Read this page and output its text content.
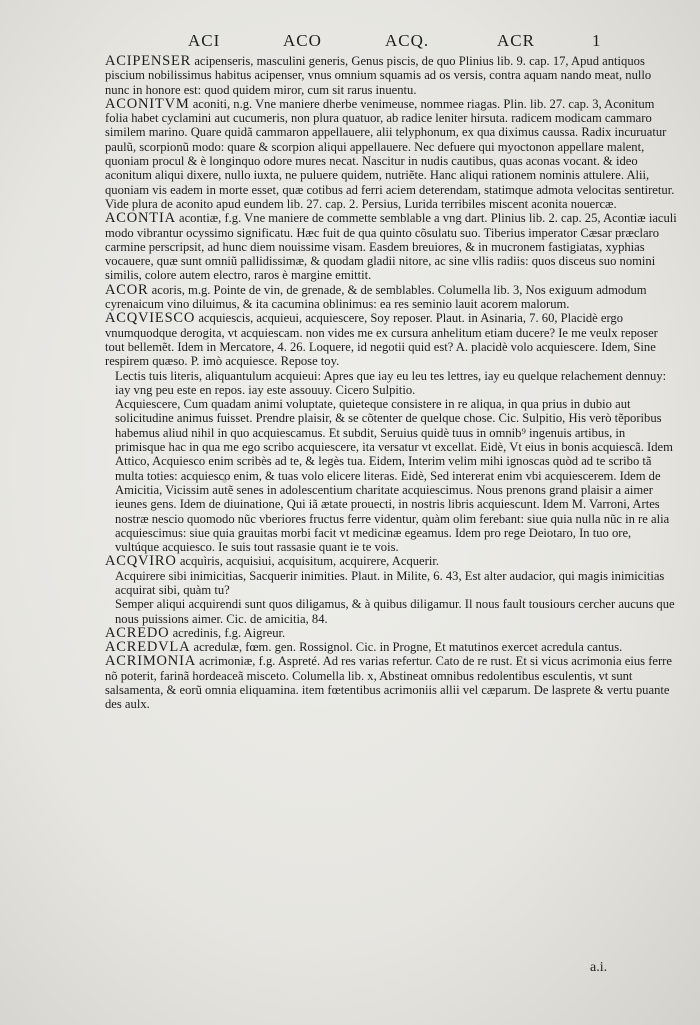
ACI	ACO	ACQ.	ACR	1

ACIPENSER acipenseris, masculini generis, Genus piscis, de quo Plinius lib. 9. cap. 17, Apud antiquos piscium nobilissimus habitus acipenser, vnus omnium squamis ad os versis, contra aquam nando meat, nullo nunc in honore est: quod quidem miror, cum sit rarus inuentu.

ACONITVM aconiti, n.g. Vne maniere dherbe venimeuse, nommee riagas. Plin. lib. 27. cap. 3, Aconitum folia habet cyclamini aut cucumeris, non plura quatuor, ab radice leniter hirsuta. radicem modicam cammaro similem marino. Quare quidã cammaron appellauere, alii telyphonum, ex qua diximus caussa. Radix incuruatur paulũ, scorpionũ modo: quare & scorpion aliqui appellauere. Nec defuere qui myoctonon appellare malent, quoniam procul & è longinquo odore mures necat. Nascitur in nudis cautibus, quas aconas vocant. & ideo aconitum aliqui dixere, nullo iuxta, ne puluere quidem, nutriẽte. Hanc aliqui rationem nominis attulere. Alii, quoniam vis eadem in morte esset, quæ cotibus ad ferri aciem deterendam, statimque admota velocitas sentiretur. Vide plura de aconito apud eundem lib. 27. cap. 2. Persius, Lurida terribiles miscent aconita nouercæ.

ACONTIA acontiæ, f.g. Vne maniere de commette semblable a vng dart. Plinius lib. 2. cap. 25, Acontiæ iaculi modo vibrantur ocyssimo significatu. Hæc fuit de qua quinto cõsulatu suo. Tiberius imperator Cæsar præclaro carmine perscripsit, ad hunc diem nouissime visam. Easdem breuiores, & in mucronem fastigiatas, xyphias vocauere, quæ sunt omniũ pallidissimæ, & quodam gladii nitore, ac sine vllis radiis: quos disceus suo nomini similis, colore autem electro, raros è margine emittit.

ACOR acoris, m.g. Pointe de vin, de grenade, & de semblables. Columella lib. 3, Nos exiguum admodum cyrenaicum vino diluimus, & ita cacumina oblinimus: ea res seminio lauit acorem malorum.

ACQVIESCO acquiescis, acquieui, acquiescere, Soy reposer. Plaut. in Asinaria, 7. 60, Placidè ergo vnumquodque derogita, vt acquiescam. non vides me ex cursura anhelitum etiam ducere? Ie me veulx reposer tout bellemẽt. Idem in Mercatore, 4. 26. Loquere, id negotii quid est? A. placidè volo acquiescere. Idem, Sine respirem quæso. P. imò acquiesce. Repose toy.

Lectis tuis literis, aliquantulum acquieui: Apres que iay eu leu tes lettres, iay eu quelque relachement dennuy: iay vng peu este en repos. iay este assouuy. Cicero Sulpitio.

Acquiescere, Cum quadam animi voluptate, quieteque consistere in re aliqua, in qua prius in dubio aut solicitudine animus fuisset. Prendre plaisir, & se cõtenter de quelque chose. Cic. Sulpitio, His verò tẽporibus habemus aliud nihil in quo acquiescamus. Et subdit, Seruius quidè tuus in omnib⁹ ingenuis artibus, in primisque hac in qua me ego scribo acquiescere, ita versatur vt excellat. Eidè, Vt eius in bonis acquiescã. Idem Attico, Acquiesco enim scribès ad te, & legès tua. Eidem, Interim velim mihi ignoscas quòd ad te scribo tã multa toties: acquiesco enim, & tuas volo elicere literas. Eidè, Sed intererat enim vbi acquiescerem. Idem de Amicitia, Vicissim autẽ senes in adolescentium charitate acquiescimus. Nous prenons grand plaisir a aimer ieunes gens. Idem de diuinatione, Qui iã ætate prouecti, in nostris libris acquiescunt. Idem M. Varroni, Artes nostræ nescio quomodo nũc vberiores fructus ferre videntur, quàm olim ferebant: siue quia nulla nũc in re alia acquiescimus: siue quia grauitas morbi facit vt medicinæ egeamus. Idem pro rege Deiotaro, In tuo ore, vultúque acquiesco. Ie suis tout rassasie quant ie te vois.

ACQVIRO acquìris, acquisiui, acquisitum, acquirere, Acquerir.

Acquirere sibi inimicitias, Sacquerir inimities. Plaut. in Milite, 6. 43, Est alter audacior, qui magis inimicitias acquirat sibi, quàm tu?

Semper aliqui acquirendi sunt quos diligamus, & à quibus diligamur. Il nous fault tousiours cercher aucuns que nous puissions aimer. Cic. de amicitia, 84.

ACREDO acredinis, f.g. Aigreur.

ACREDVLA acredulæ, fœm. gen. Rossignol. Cic. in Progne, Et matutinos exercet acredula cantus.

ACRIMONIA acrimoniæ, f.g. Aspreté. Ad res varias refertur. Cato de re rust. Et si vicus acrimonia eius ferre nõ poterit, farinã hordeaceã misceto. Columella lib. x, Abstineat omnibus redolentibus esculentis, vt sunt salsamenta, & eorũ omnia eliquamina. item fœtentibus acrimoniis allii vel cæparum. De lasprete & vertu puante des aulx.

a.i.
